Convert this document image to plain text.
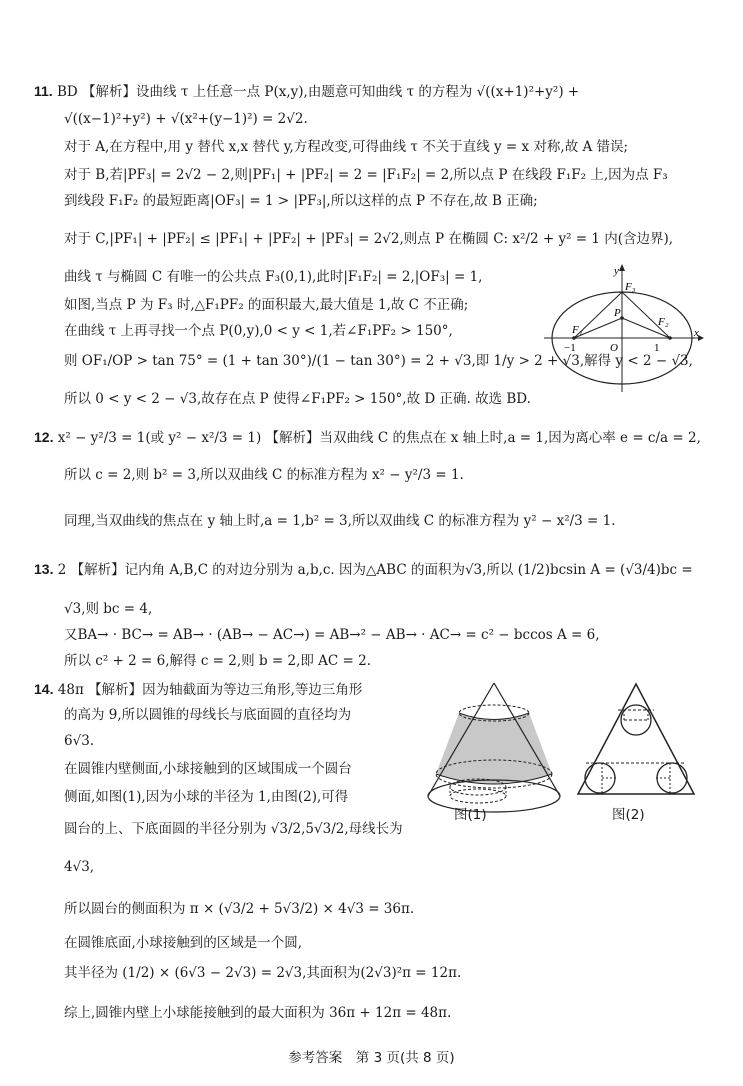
11. BD 【解析】设曲线 τ 上任意一点 P(x,y),由题意可知曲线 τ 的方程为 √((x+1)²+y²) +
√((x−1)²+y²) + √(x²+(y−1)²) = 2√2.
对于 A,在方程中,用 y 替代 x,x 替代 y,方程改变,可得曲线 τ 不关于直线 y = x 对称,故 A 错误;
对于 B,若|PF₃| = 2√2 − 2,则|PF₁| + |PF₂| = 2 = |F₁F₂| = 2,所以点 P 在线段 F₁F₂ 上,因为点 F₃
到线段 F₁F₂ 的最短距离|OF₃| = 1 > |PF₃|,所以这样的点 P 不存在,故 B 正确;
对于 C,|PF₁| + |PF₂| ≤ |PF₁| + |PF₂| + |PF₃| = 2√2,则点 P 在椭圆 C: x²/2 + y² = 1 内(含边界),
曲线 τ 与椭圆 C 有唯一的公共点 F₃(0,1),此时|F₁F₂| = 2,|OF₃| = 1,
如图,当点 P 为 F₃ 时,△F₁PF₂ 的面积最大,最大值是 1,故 C 不正确;
在曲线 τ 上再寻找一个点 P(0,y),0 < y < 1,若∠F₁PF₂ > 150°,
则 OF₁/OP > tan 75° = (1 + tan 30°)/(1 − tan 30°) = 2 + √3,即 1/y > 2 + √3,解得 y < 2 − √3,
所以 0 < y < 2 − √3,故存在点 P 使得∠F₁PF₂ > 150°,故 D 正确. 故选 BD.
y
F₃
P
F₁
F₂
−1	O	1
x
12. x² − y²/3 = 1(或 y² − x²/3 = 1) 【解析】当双曲线 C 的焦点在 x 轴上时,a = 1,因为离心率 e = c/a = 2,
所以 c = 2,则 b² = 3,所以双曲线 C 的标准方程为 x² − y²/3 = 1.
同理,当双曲线的焦点在 y 轴上时,a = 1,b² = 3,所以双曲线 C 的标准方程为 y² − x²/3 = 1.
13. 2 【解析】记内角 A,B,C 的对边分别为 a,b,c. 因为△ABC 的面积为√3,所以 (1/2)bcsin A = (√3/4)bc =
√3,则 bc = 4,
又BA→ · BC→ = AB→ · (AB→ − AC→) = AB→² − AB→ · AC→ = c² − bccos A = 6,
所以 c² + 2 = 6,解得 c = 2,则 b = 2,即 AC = 2.
14. 48π 【解析】因为轴截面为等边三角形,等边三角形
的高为 9,所以圆锥的母线长与底面圆的直径均为
6√3.
在圆锥内壁侧面,小球接触到的区域围成一个圆台
侧面,如图(1),因为小球的半径为 1,由图(2),可得
圆台的上、下底面圆的半径分别为 √3/2,5√3/2,母线长为
4√3,
所以圆台的侧面积为 π × (√3/2 + 5√3/2) × 4√3 = 36π.
在圆锥底面,小球接触到的区域是一个圆,
其半径为 (1/2) × (6√3 − 2√3) = 2√3,其面积为(2√3)²π = 12π.
综上,圆锥内壁上小球能接触到的最大面积为 36π + 12π = 48π.
图(1)	图(2)
参考答案　第 3 页(共 8 页)
